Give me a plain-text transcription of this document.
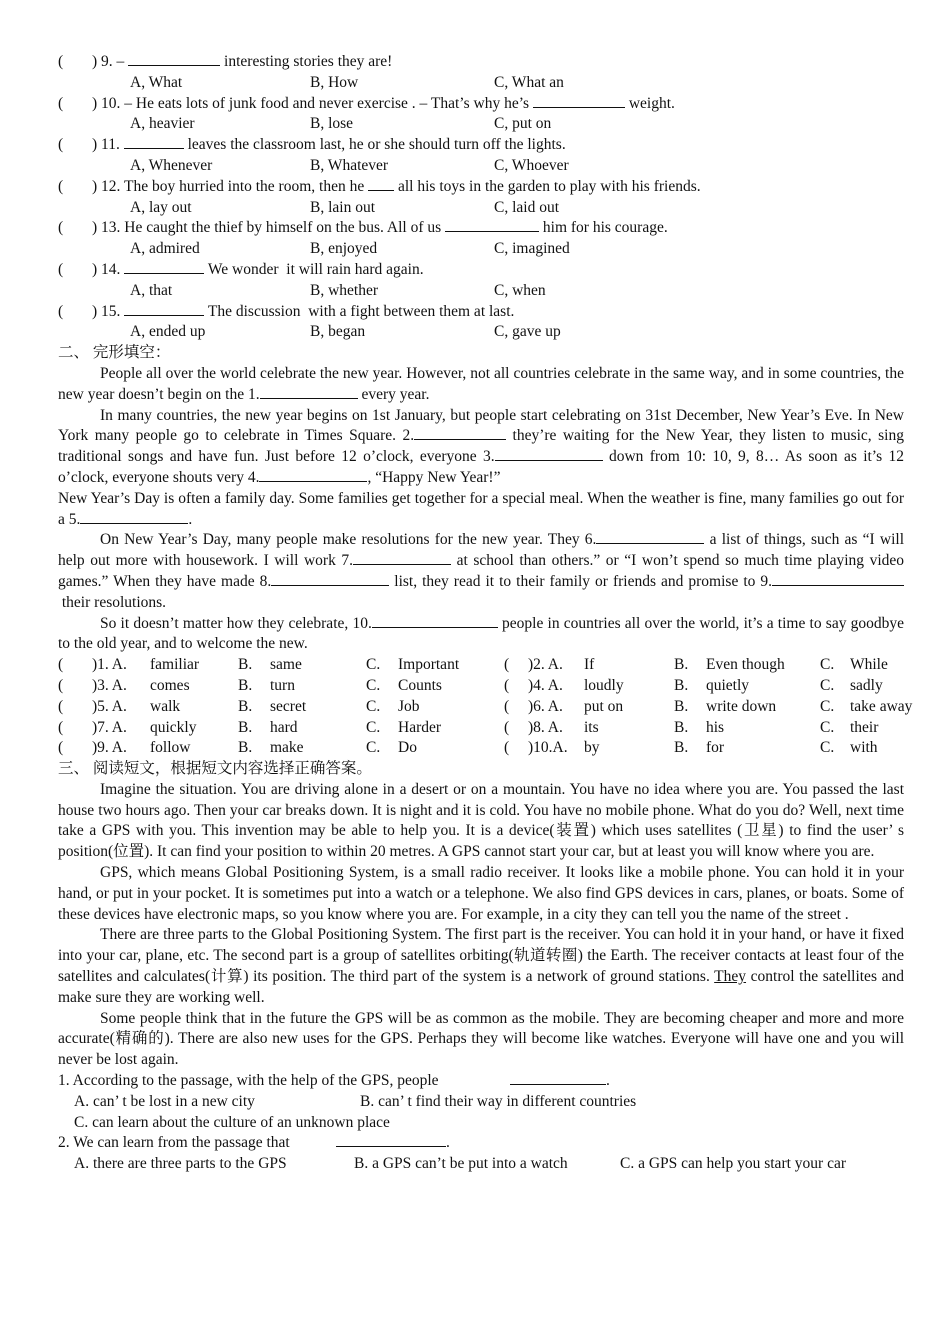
( ) 9. –	interesting stories they are!
A, What	B, How	C, What an
( ) 10. – He eats lots of junk food and never exercise . – That’s why he’s	weight.
A, heavier	B, lose	C, put on
( ) 11.	leaves the classroom last, he or she should turn off the lights.
A, Whenever	B, Whatever	C, Whoever
( ) 12. The boy hurried into the room, then he all his toys in the garden to play with his friends.
A, lay out	B, lain out	C, laid out
( ) 13. He caught the thief by himself on the bus. All of us	him for his courage.
A, admired	B, enjoyed	C, imagined
( ) 14.	We wonder it will rain hard again.
A, that	B, whether	C, when
( ) 15.	The discussion with a fight between them at last.
A, ended up	B, began	C, gave up

二、 完形填空：

People all over the world celebrate the new year. However, not all countries celebrate in the same way, and in some countries, the new year doesn’t begin on the 1.	every year.

In many countries, the new year begins on 1st January, but people start celebrating on 31st December, New Year’s Eve. In New York many people go to celebrate in Times Square. 2.	they’re waiting for the New Year, they listen to music, sing traditional songs and have fun. Just before 12 o’clock, everyone 3.	down from 10: 10, 9, 8… As soon as it’s 12 o’clock, everyone shouts very 4.	, “Happy New Year!”

New Year’s Day is often a family day. Some families get together for a special meal. When the weather is fine, many families go out for a 5.	.

On New Year’s Day, many people make resolutions for the new year. They 6.	a list of things, such as “I will help out more with housework. I will work 7.	at school than others.” or “I won’t spend so much time playing video games.” When they have made 8.	list, they read it to their family or friends and promise to 9. their resolutions.

So it doesn’t matter how they celebrate, 10.	people in countries all over the world, it’s a time to say goodbye to the old year, and to welcome the new.

( )1. A. familiar	B. same	C. Important	( )2. A. If	B. Even though C. While
( )3. A. comes	B. turn	C. Counts	( )4. A. loudly	B. quietly	C. sadly
( )5. A. walk	B. secret	C. Job	( )6. A. put on	B. write down	C. take away
( )7. A. quickly	B. hard	C. Harder	( )8. A. its	B. his	C. their
( )9. A. follow	B. make	C. Do	( )10.A. by	B. for	C. with

三、 阅读短文，根据短文内容选择正确答案。

Imagine the situation. You are driving alone in a desert or on a mountain. You have no idea where you are. You passed the last house two hours ago. Then your car breaks down. It is night and it is cold. You have no mobile phone. What do you do? Well, next time take a GPS with you. This invention may be able to help you. It is a device(装置) which uses satellites (卫星) to find the user’ s position(位置). It can find your position to within 20 metres. A GPS cannot start your car, but at least you will know where you are.

GPS, which means Global Positioning System, is a small radio receiver. It looks like a mobile phone. You can hold it in your hand, or put in your pocket. It is sometimes put into a watch or a telephone. We also find GPS devices in cars, planes, or boats. Some of these devices have electronic maps, so you know where you are. For example, in a city they can tell you the name of the street .

There are three parts to the Global Positioning System. The first part is the receiver. You can hold it in your hand, or have it fixed into your car, plane, etc. The second part is a group of satellites orbiting(轨道转圈) the Earth. The receiver contacts at least four of the satellites and calculates(计算) its position. The third part of the system is a network of ground stations. They control the satellites and make sure they are working well.

Some people think that in the future the GPS will be as common as the mobile. They are becoming cheaper and more and more accurate(精确的). There are also new uses for the GPS. Perhaps they will become like watches. Everyone will have one and you will never be lost again.

1. According to the passage, with the help of the GPS, people	.
A. can’ t be lost in a new city	B. can’ t find their way in different countries
C. can learn about the culture of an unknown place
2. We can learn from the passage that	.
A. there are three parts to the GPS	B. a GPS can’t be put into a watch	C. a GPS can help you start your car
